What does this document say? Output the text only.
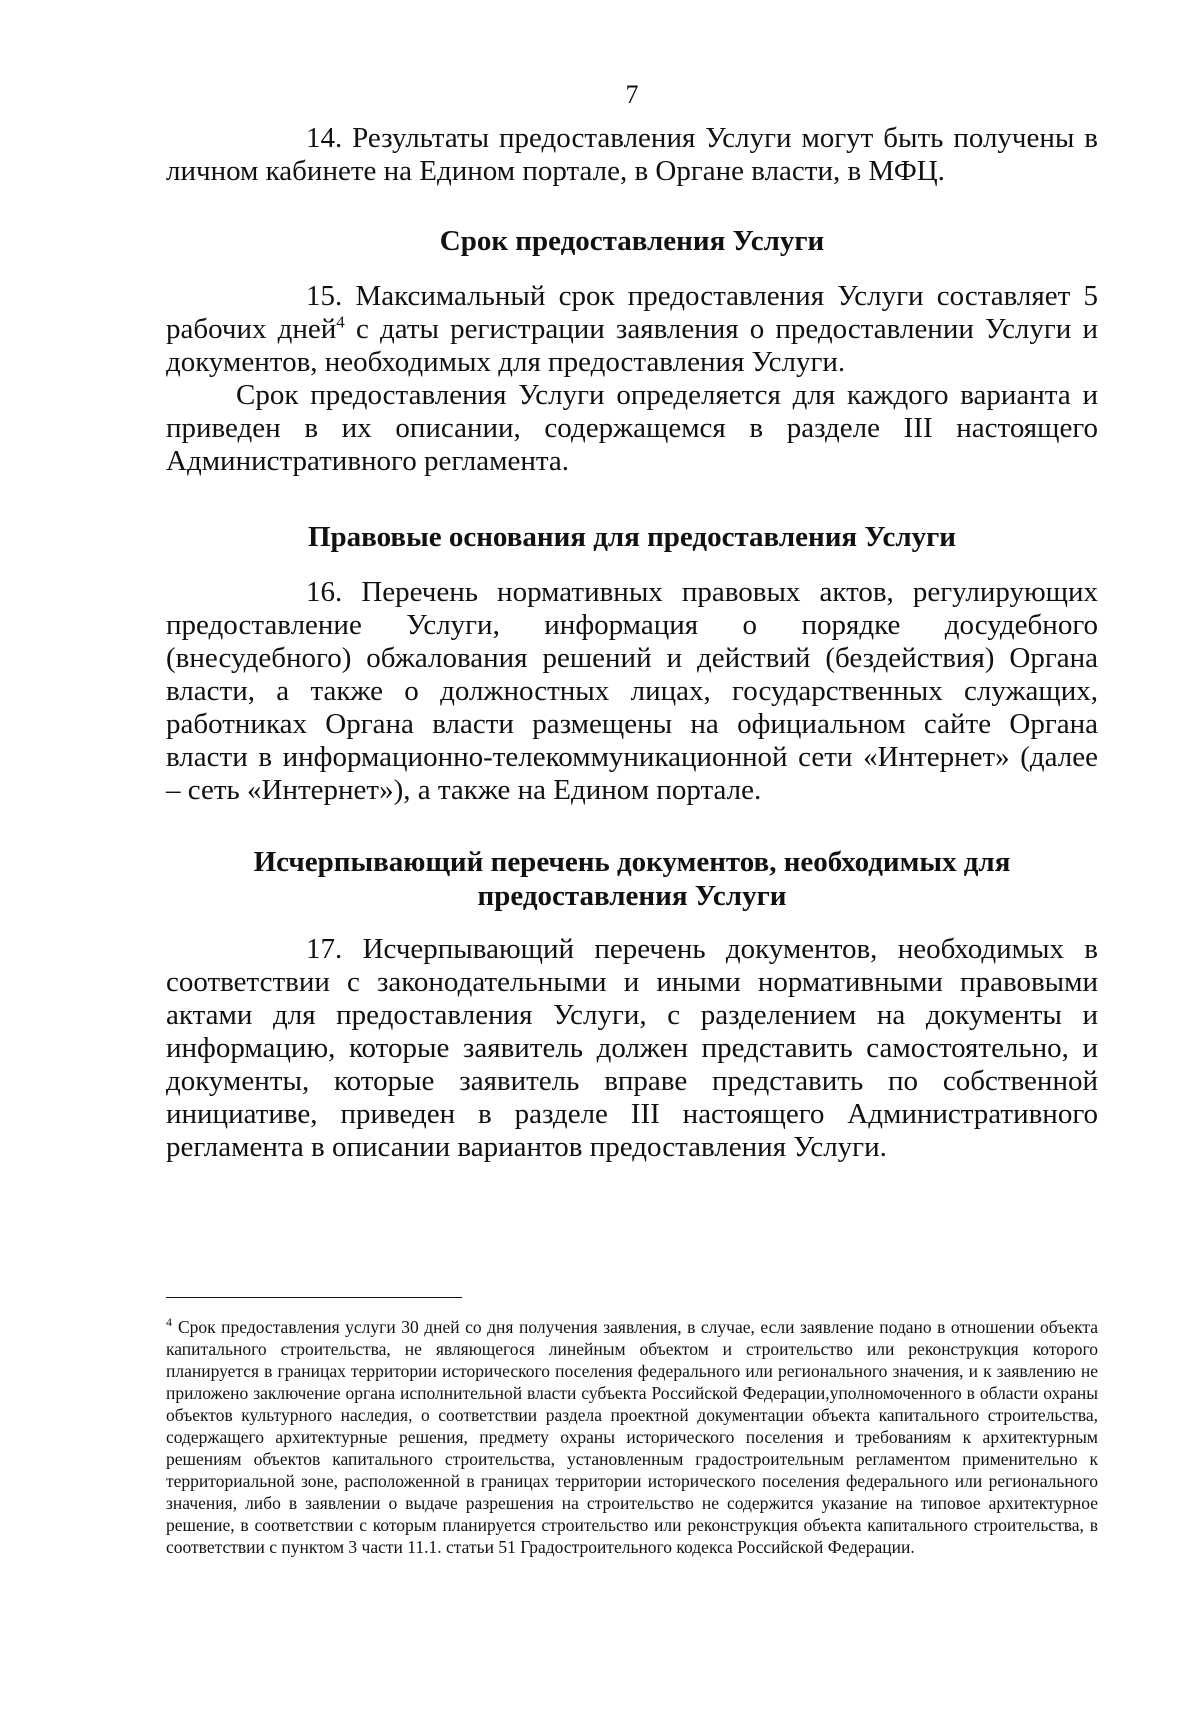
7

14. Результаты предоставления Услуги могут быть получены в личном кабинете на Едином портале, в Органе власти, в МФЦ.

Срок предоставления Услуги

15. Максимальный срок предоставления Услуги составляет 5 рабочих дней$^4$ с даты регистрации заявления о предоставлении Услуги и документов, необходимых для предоставления Услуги.

Срок предоставления Услуги определяется для каждого варианта и приведен в их описании, содержащемся в разделе III настоящего Административного регламента.

Правовые основания для предоставления Услуги

16. Перечень нормативных правовых актов, регулирующих предоставление Услуги, информация о порядке досудебного (внесудебного) обжалования решений и действий (бездействия) Органа власти, а также о должностных лицах, государственных служащих, работниках Органа власти размещены на официальном сайте Органа власти в информационно-телекоммуникационной сети «Интернет» (далее – сеть «Интернет»), а также на Едином портале.

Исчерпывающий перечень документов, необходимых для
предоставления Услуги

17. Исчерпывающий перечень документов, необходимых в соответствии с законодательными и иными нормативными правовыми актами для предоставления Услуги, с разделением на документы и информацию, которые заявитель должен представить самостоятельно, и документы, которые заявитель вправе представить по собственной инициативе, приведен в разделе III настоящего Административного регламента в описании вариантов предоставления Услуги.

$^4$ Срок предоставления услуги 30 дней со дня получения заявления, в случае, если заявление подано в отношении объекта капитального строительства, не являющегося линейным объектом и строительство или реконструкция которого планируется в границах территории исторического поселения федерального или регионального значения, и к заявлению не приложено заключение органа исполнительной власти субъекта Российской Федерации,уполномоченного в области охраны объектов культурного наследия, о соответствии раздела проектной документации объекта капитального строительства, содержащего архитектурные решения, предмету охраны исторического поселения и требованиям к архитектурным решениям объектов капитального строительства, установленным градостроительным регламентом применительно к территориальной зоне, расположенной в границах территории исторического поселения федерального или регионального значения, либо в заявлении о выдаче разрешения на строительство не содержится указание на типовое архитектурное решение, в соответствии с которым планируется строительство или реконструкция объекта капитального строительства, в соответствии с пунктом 3 части 11.1. статьи 51 Градостроительного кодекса Российской Федерации.
